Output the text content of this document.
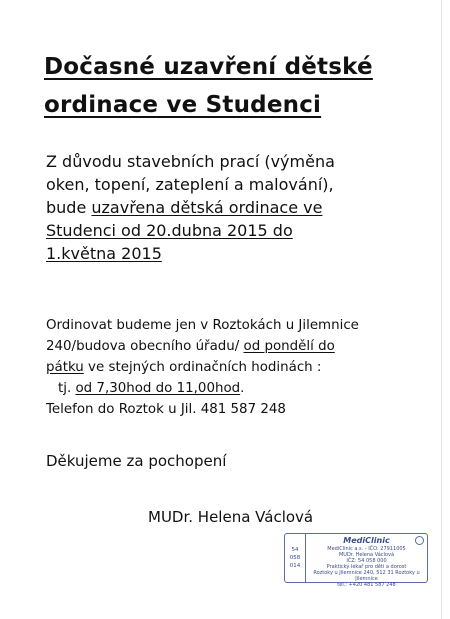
Dočasné uzavření dětské
ordinace ve Studenci
Z důvodu stavebních prací (výměna
oken, topení, zateplení a malování),
bude uzavřena dětská ordinace ve
Studenci od 20.dubna 2015 do
1.května 2015
Ordinovat budeme jen v Roztokách u Jilemnice
240/budova obecního úřadu/ od pondělí do
pátku ve stejných ordinačních hodinách :
tj. od 7,30hod do 11,00hod.
Telefon do Roztok u Jil. 481 587 248
Děkujeme za pochopení
MUDr. Helena Václová
54
058
014
MediClinic
MediClinic a.s. - IČO: 27911005
MUDr. Helena Václová
IČZ: 54 058 000
Praktický lékař pro děti a dorost
Roztoky u Jilemnice 240, 512 31 Roztoky u Jilemnice
tel.: +420 481 587 248
